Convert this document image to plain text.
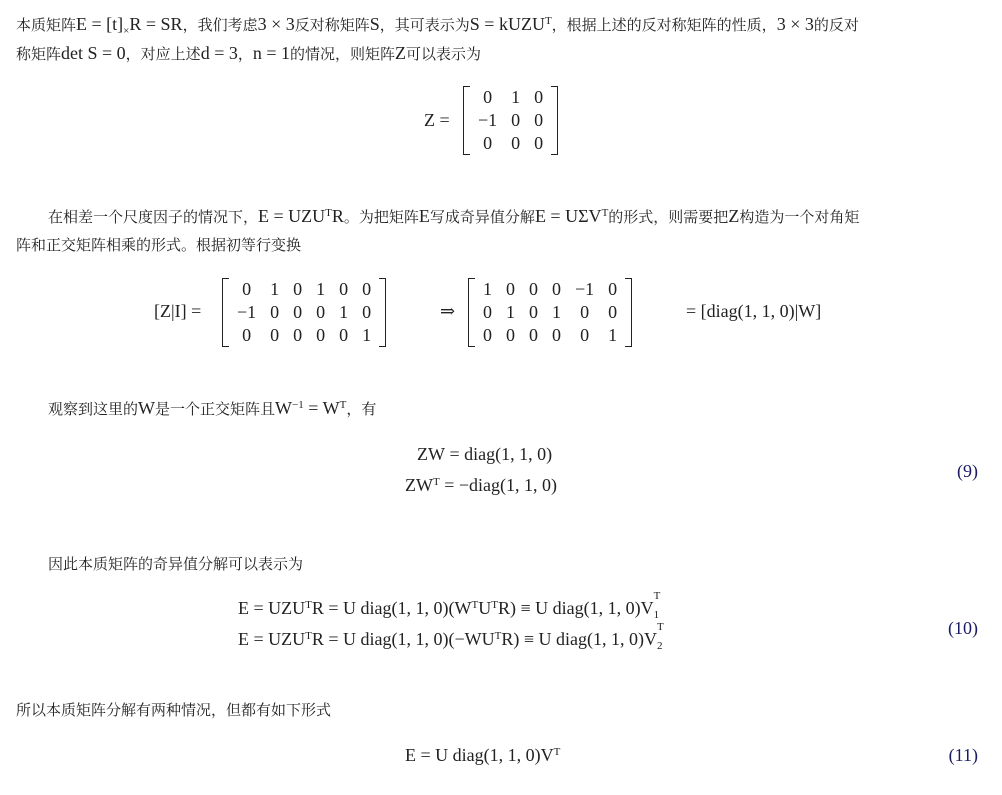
本质矩阵$E = [t]_\times R$ = SR，我们考虑3 × 3反对称矩阵S，其可表示为S = kUZU$^T$，根据上述的反对称矩阵的性质，3 × 3的反对
称矩阵det S = 0，对应上述d = 3，n = 1的情况，则矩阵Z可以表示为
Z =
0	1	0
−1	0	0
0	0	0
在相差一个尺度因子的情况下，$E = UZU^TR$。为把矩阵E写成奇异值分解$E = U\Sigma V^T$的形式，则需要把Z构造为一个对角矩
阵和正交矩阵相乘的形式。根据初等行变换
[Z|I] =
0	1	0	1	0	0
−1	0	0	0	1	0
0	0	0	0	0	1
⇒
1	0	0	0	−1	0
0	1	0	1	0	0
0	0	0	0	0	1
= [diag(1, 1, 0)|W]
观察到这里的W是一个正交矩阵且$W^{-1} = W^T$，有
ZW = diag(1, 1, 0)
$ZW^T$ = −diag(1, 1, 0)
(9)
因此本质矩阵的奇异值分解可以表示为
$E = UZU^TR = U$ diag(1, 1, $0)(W^TU^TR) \equiv U$ diag(1, 1, $0)V_1$
T
$E = UZU^TR = U$ diag(1, 1, $0)(-WU^TR) \equiv U$ diag(1, 1, $0)V_2$
T	(10)
所以本质矩阵分解有两种情况，但都有如下形式
E = U diag(1, 1, $0)V^T$	(11)
